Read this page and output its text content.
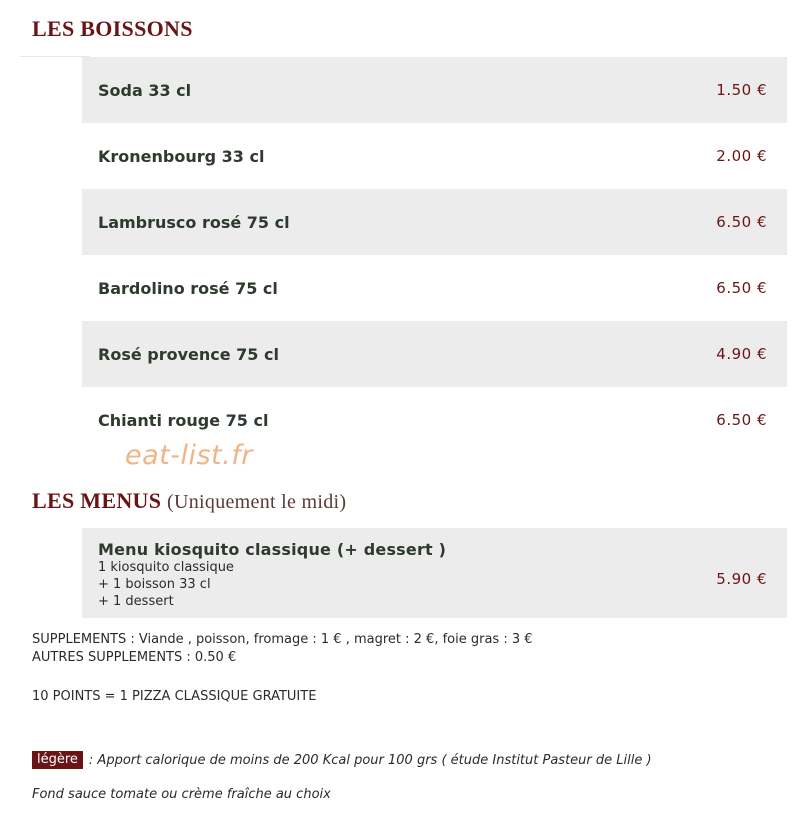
LES BOISSONS
Soda 33 cl	1.50 €
Kronenbourg 33 cl	2.00 €
Lambrusco rosé 75 cl	6.50 €
Bardolino rosé 75 cl	6.50 €
Rosé provence 75 cl	4.90 €
Chianti rouge 75 cl	6.50 €
eat-list.fr
LES MENUS (Uniquement le midi)
Menu kiosquito classique (+ dessert )
1 kiosquito classique
+ 1 boisson 33 cl
+ 1 dessert
5.90 €
SUPPLEMENTS : Viande , poisson, fromage : 1 € , magret : 2 €, foie gras : 3 €
AUTRES SUPPLEMENTS : 0.50 €
10 POINTS = 1 PIZZA CLASSIQUE GRATUITE
légère : Apport calorique de moins de 200 Kcal pour 100 grs ( étude Institut Pasteur de Lille )
Fond sauce tomate ou crème fraîche au choix
